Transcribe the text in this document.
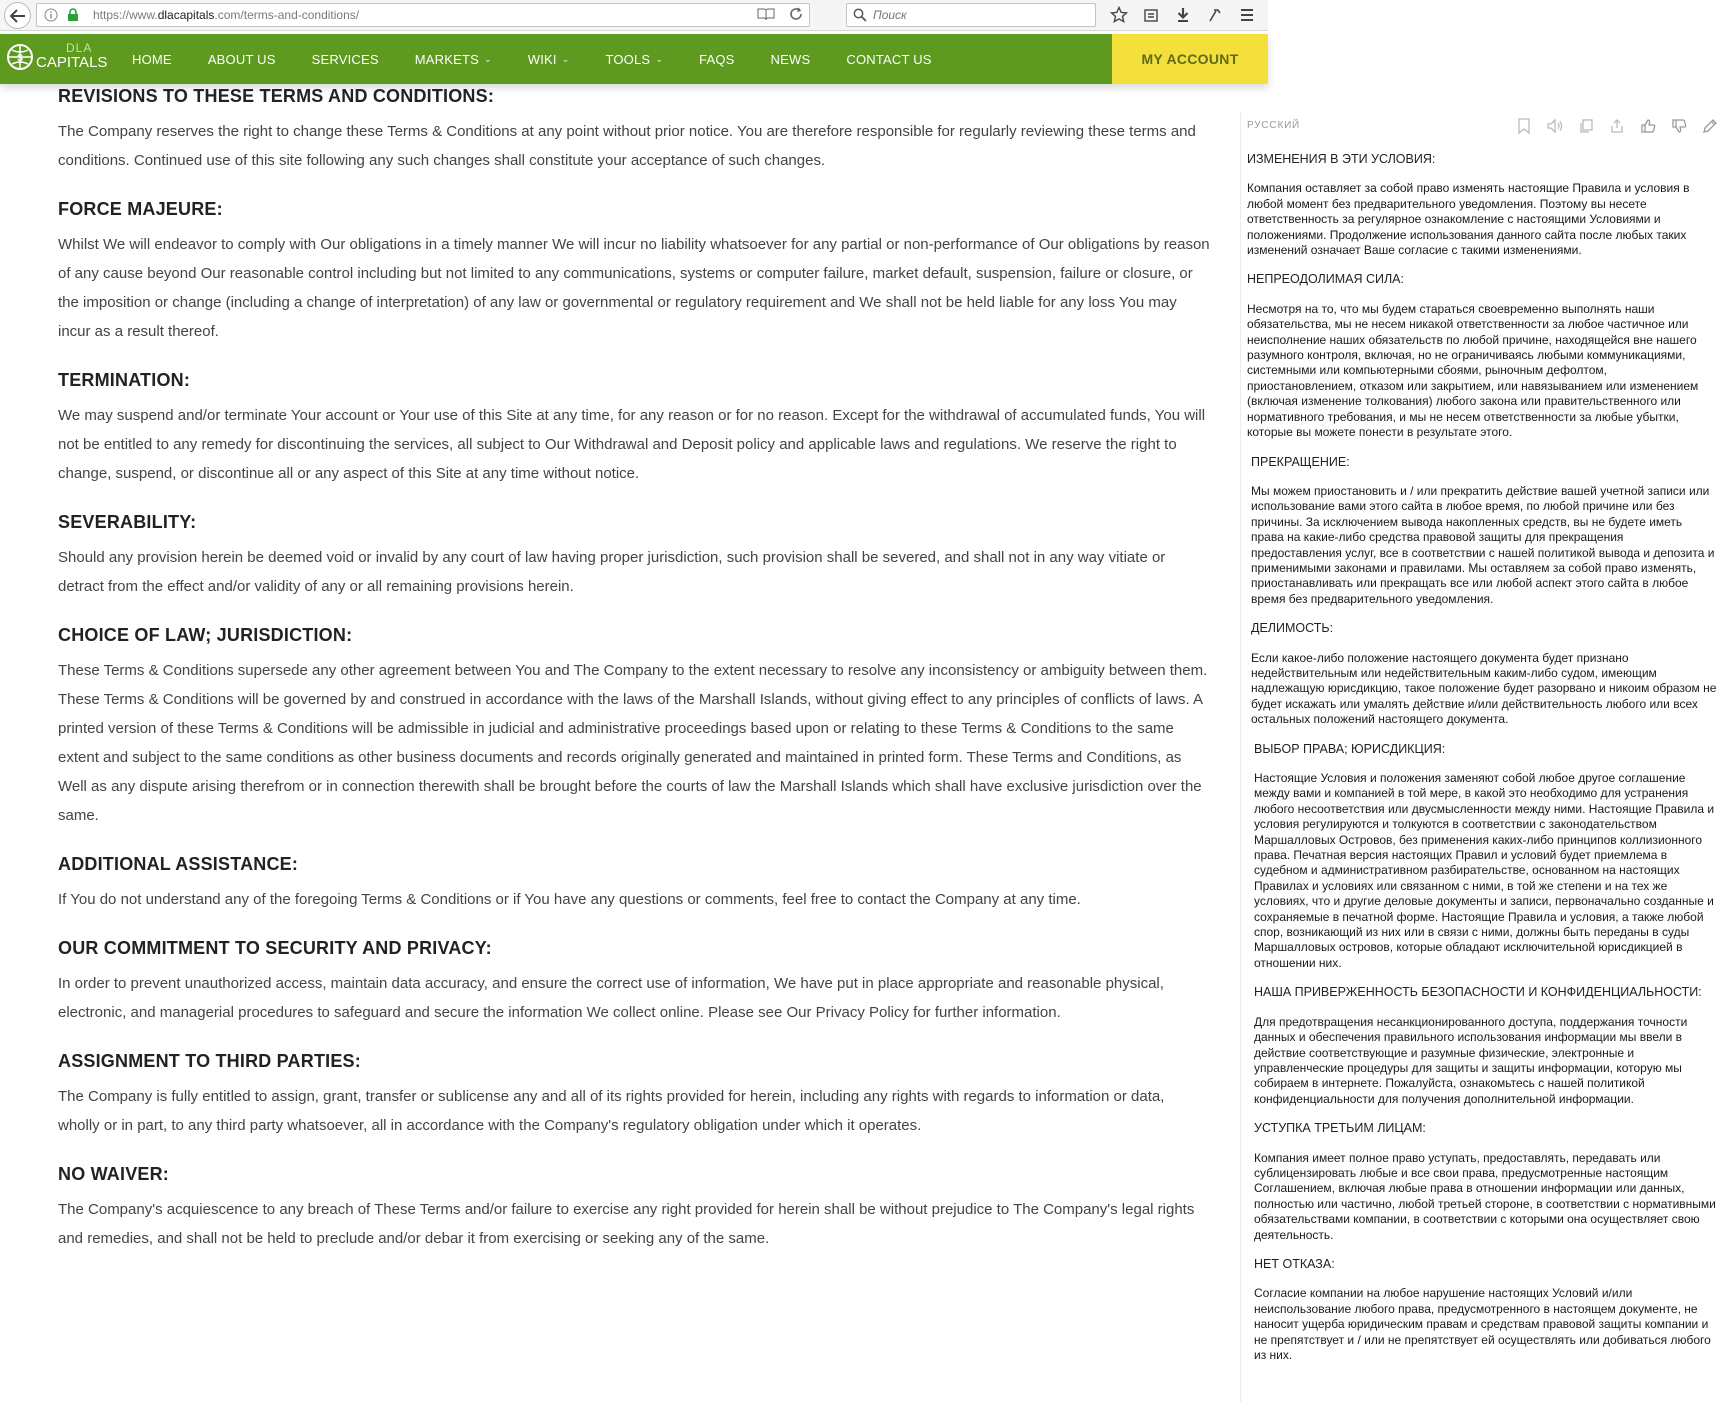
https://www.dlacapitals.com/terms-and-conditions/
Поиск
$
DLA
CAPITALS HOME	ABOUT US	SERVICES	MARKETS ⌄	WIKI ⌄	TOOLS ⌄	FAQS	NEWS	CONTACT US	MY ACCOUNT
REVISIONS TO THESE TERMS AND CONDITIONS:

The Company reserves the right to change these Terms & Conditions at any point without prior notice. You are therefore responsible for regularly reviewing these terms and conditions. Continued use of this site following any such changes shall constitute your acceptance of such changes.

FORCE MAJEURE:

Whilst We will endeavor to comply with Our obligations in a timely manner We will incur no liability whatsoever for any partial or non-performance of Our obligations by reason of any cause beyond Our reasonable control including but not limited to any communications, systems or computer failure, market default, suspension, failure or closure, or the imposition or change (including a change of interpretation) of any law or governmental or regulatory requirement and We shall not be held liable for any loss You may incur as a result thereof.

TERMINATION:

We may suspend and/or terminate Your account or Your use of this Site at any time, for any reason or for no reason. Except for the withdrawal of accumulated funds, You will not be entitled to any remedy for discontinuing the services, all subject to Our Withdrawal and Deposit policy and applicable laws and regulations. We reserve the right to change, suspend, or discontinue all or any aspect of this Site at any time without notice.

SEVERABILITY:

Should any provision herein be deemed void or invalid by any court of law having proper jurisdiction, such provision shall be severed, and shall not in any way vitiate or detract from the effect and/or validity of any or all remaining provisions herein.

CHOICE OF LAW; JURISDICTION:

These Terms & Conditions supersede any other agreement between You and The Company to the extent necessary to resolve any inconsistency or ambiguity between them. These Terms & Conditions will be governed by and construed in accordance with the laws of the Marshall Islands, without giving effect to any principles of conflicts of laws. A printed version of these Terms & Conditions will be admissible in judicial and administrative proceedings based upon or relating to these Terms & Conditions to the same extent and subject to the same conditions as other business documents and records originally generated and maintained in printed form. These Terms and Conditions, as Well as any dispute arising therefrom or in connection therewith shall be brought before the courts of law the Marshall Islands which shall have exclusive jurisdiction over the same.

ADDITIONAL ASSISTANCE:

If You do not understand any of the foregoing Terms & Conditions or if You have any questions or comments, feel free to contact the Company at any time.

OUR COMMITMENT TO SECURITY AND PRIVACY:

In order to prevent unauthorized access, maintain data accuracy, and ensure the correct use of information, We have put in place appropriate and reasonable physical, electronic, and managerial procedures to safeguard and secure the information We collect online. Please see Our Privacy Policy for further information.

ASSIGNMENT TO THIRD PARTIES:

The Company is fully entitled to assign, grant, transfer or sublicense any and all of its rights provided for herein, including any rights with regards to information or data, wholly or in part, to any third party whatsoever, all in accordance with the Company's regulatory obligation under which it operates.

NO WAIVER:

The Company's acquiescence to any breach of These Terms and/or failure to exercise any right provided for herein shall be without prejudice to The Company's legal rights and remedies, and shall not be held to preclude and/or debar it from exercising or seeking any of the same.

РУССКИЙ
ИЗМЕНЕНИЯ В ЭТИ УСЛОВИЯ:
Компания оставляет за собой право изменять настоящие Правила и условия в любой момент без предварительного уведомления. Поэтому вы несете ответственность за регулярное ознакомление с настоящими Условиями и положениями. Продолжение использования данного сайта после любых таких изменений означает Ваше согласие с такими изменениями.
НЕПРЕОДОЛИМАЯ СИЛА:
Несмотря на то, что мы будем стараться своевременно выполнять наши обязательства, мы не несем никакой ответственности за любое частичное или неисполнение наших обязательств по любой причине, находящейся вне нашего разумного контроля, включая, но не ограничиваясь любыми коммуникациями, системными или компьютерными сбоями, рыночным дефолтом, приостановлением, отказом или закрытием, или навязыванием или изменением (включая изменение толкования) любого закона или правительственного или нормативного требования, и мы не несем ответственности за любые убытки, которые вы можете понести в результате этого.
ПРЕКРАЩЕНИЕ:
Мы можем приостановить и / или прекратить действие вашей учетной записи или использование вами этого сайта в любое время, по любой причине или без причины. За исключением вывода накопленных средств, вы не будете иметь права на какие-либо средства правовой защиты для прекращения предоставления услуг, все в соответствии с нашей политикой вывода и депозита и применимыми законами и правилами. Мы оставляем за собой право изменять, приостанавливать или прекращать все или любой аспект этого сайта в любое время без предварительного уведомления.
ДЕЛИМОСТЬ:
Если какое-либо положение настоящего документа будет признано недействительным или недействительным каким-либо судом, имеющим надлежащую юрисдикцию, такое положение будет разорвано и никоим образом не будет искажать или умалять действие и/или действительность любого или всех остальных положений настоящего документа.
ВЫБОР ПРАВА; ЮРИСДИКЦИЯ:
Настоящие Условия и положения заменяют собой любое другое соглашение между вами и компанией в той мере, в какой это необходимо для устранения любого несоответствия или двусмысленности между ними. Настоящие Правила и условия регулируются и толкуются в соответствии с законодательством Маршалловых Островов, без применения каких-либо принципов коллизионного права. Печатная версия настоящих Правил и условий будет приемлема в судебном и административном разбирательстве, основанном на настоящих Правилах и условиях или связанном с ними, в той же степени и на тех же условиях, что и другие деловые документы и записи, первоначально созданные и сохраняемые в печатной форме. Настоящие Правила и условия, а также любой спор, возникающий из них или в связи с ними, должны быть переданы в суды Маршалловых островов, которые обладают исключительной юрисдикцией в отношении них.
НАША ПРИВЕРЖЕННОСТЬ БЕЗОПАСНОСТИ И КОНФИДЕНЦИАЛЬНОСТИ:
Для предотвращения несанкционированного доступа, поддержания точности данных и обеспечения правильного использования информации мы ввели в действие соответствующие и разумные физические, электронные и управленческие процедуры для защиты и защиты информации, которую мы собираем в интернете. Пожалуйста, ознакомьтесь с нашей политикой конфиденциальности для получения дополнительной информации.
УСТУПКА ТРЕТЬИМ ЛИЦАМ:
Компания имеет полное право уступать, предоставлять, передавать или сублицензировать любые и все свои права, предусмотренные настоящим Соглашением, включая любые права в отношении информации или данных, полностью или частично, любой третьей стороне, в соответствии с нормативными обязательствами компании, в соответствии с которыми она осуществляет свою деятельность.
НЕТ ОТКАЗА:
Согласие компании на любое нарушение настоящих Условий и/или неиспользование любого права, предусмотренного в настоящем документе, не наносит ущерба юридическим правам и средствам правовой защиты компании и не препятствует и / или не препятствует ей осуществлять или добиваться любого из них.
